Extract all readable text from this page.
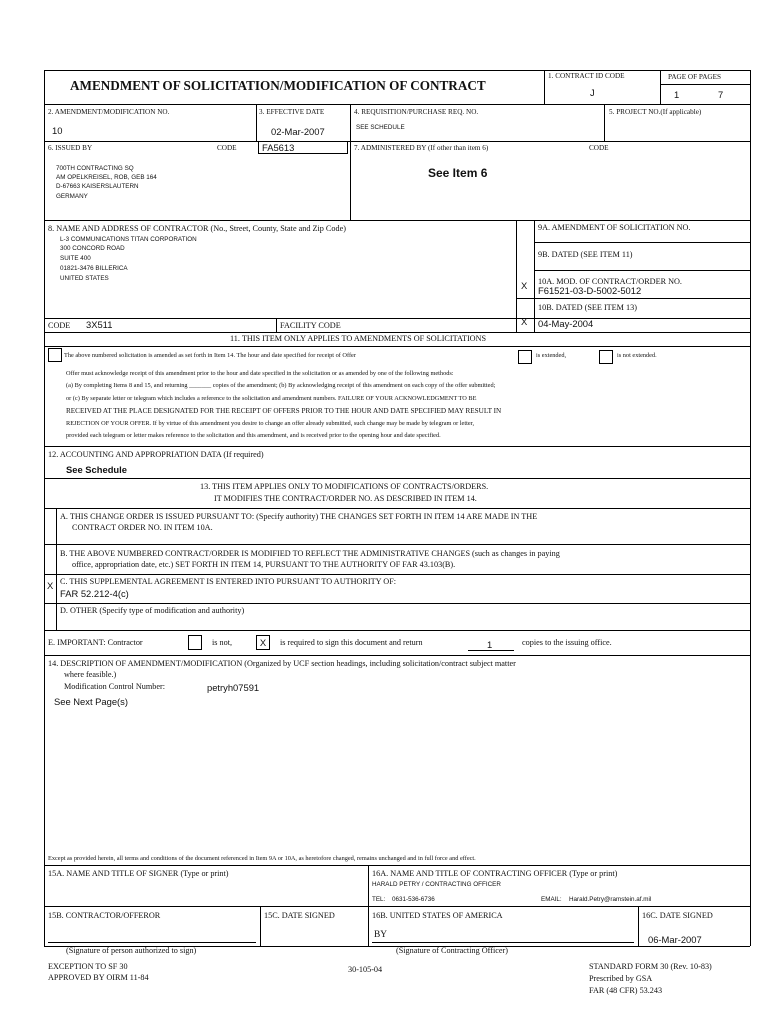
AMENDMENT OF SOLICITATION/MODIFICATION OF CONTRACT
1. CONTRACT ID CODE
J
PAGE OF PAGES
1	7
2. AMENDMENT/MODIFICATION NO.
10
3. EFFECTIVE DATE
02-Mar-2007
4. REQUISITION/PURCHASE REQ. NO.
SEE SCHEDULE
5. PROJECT NO.(If applicable)
6. ISSUED BY	CODE	FA5613	7. ADMINISTERED BY (If other than item 6)	CODE
700TH CONTRACTING SQ
AM OPELKREISEL, ROB, GEB 164
D-67663 KAISERSLAUTERN
GERMANY
See Item 6
8. NAME AND ADDRESS OF CONTRACTOR (No., Street, County, State and Zip Code)
L-3 COMMUNICATIONS TITAN CORPORATION
300 CONCORD ROAD
SUITE 400
01821-3476 BILLERICA
UNITED STATES
9A. AMENDMENT OF SOLICITATION NO.
9B. DATED (SEE ITEM 11)
X 10A. MOD. OF CONTRACT/ORDER NO.
F61521-03-D-5002-5012
10B. DATED (SEE ITEM 13)
X 04-May-2004
CODE 3X511	FACILITY CODE
11. THIS ITEM ONLY APPLIES TO AMENDMENTS OF SOLICITATIONS
The above numbered solicitation is amended as set forth in Item 14. The hour and date specified for receipt of Offer	is extended,	is not extended.
Offer must acknowledge receipt of this amendment prior to the hour and date specified in the solicitation or as amended by one of the following methods:
(a) By completing Items 8 and 15, and returning _______ copies of the amendment; (b) By acknowledging receipt of this amendment on each copy of the offer submitted;
or (c) By separate letter or telegram which includes a reference to the solicitation and amendment numbers. FAILURE OF YOUR ACKNOWLEDGMENT TO BE
RECEIVED AT THE PLACE DESIGNATED FOR THE RECEIPT OF OFFERS PRIOR TO THE HOUR AND DATE SPECIFIED MAY RESULT IN
REJECTION OF YOUR OFFER. If by virtue of this amendment you desire to change an offer already submitted, such change may be made by telegram or letter,
provided each telegram or letter makes reference to the solicitation and this amendment, and is received prior to the opening hour and date specified.
12. ACCOUNTING AND APPROPRIATION DATA (If required)
See Schedule
13. THIS ITEM APPLIES ONLY TO MODIFICATIONS OF CONTRACTS/ORDERS.
IT MODIFIES THE CONTRACT/ORDER NO. AS DESCRIBED IN ITEM 14.
A. THIS CHANGE ORDER IS ISSUED PURSUANT TO: (Specify authority) THE CHANGES SET FORTH IN ITEM 14 ARE MADE IN THE
CONTRACT ORDER NO. IN ITEM 10A.
B. THE ABOVE NUMBERED CONTRACT/ORDER IS MODIFIED TO REFLECT THE ADMINISTRATIVE CHANGES (such as changes in paying
office, appropriation date, etc.) SET FORTH IN ITEM 14, PURSUANT TO THE AUTHORITY OF FAR 43.103(B).
X C. THIS SUPPLEMENTAL AGREEMENT IS ENTERED INTO PURSUANT TO AUTHORITY OF:
FAR 52.212-4(c)
D. OTHER (Specify type of modification and authority)
E. IMPORTANT: Contractor	is not,	X	is required to sign this document and return	1	copies to the issuing office.
14. DESCRIPTION OF AMENDMENT/MODIFICATION (Organized by UCF section headings, including solicitation/contract subject matter
where feasible.)
Modification Control Number:	petryh07591
See Next Page(s)
Except as provided herein, all terms and conditions of the document referenced in Item 9A or 10A, as heretofore changed, remains unchanged and in full force and effect.
15A. NAME AND TITLE OF SIGNER (Type or print)	16A. NAME AND TITLE OF CONTRACTING OFFICER (Type or print)
HARALD PETRY / CONTRACTING OFFICER
TEL: 0631-536-6736	EMAIL: Harald.Petry@ramstein.af.mil
15B. CONTRACTOR/OFFEROR	15C. DATE SIGNED	16B. UNITED STATES OF AMERICA	16C. DATE SIGNED
BY	06-Mar-2007
(Signature of person authorized to sign)	(Signature of Contracting Officer)
EXCEPTION TO SF 30
APPROVED BY OIRM 11-84
30-105-04	STANDARD FORM 30 (Rev. 10-83)
Prescribed by GSA
FAR (48 CFR) 53.243
